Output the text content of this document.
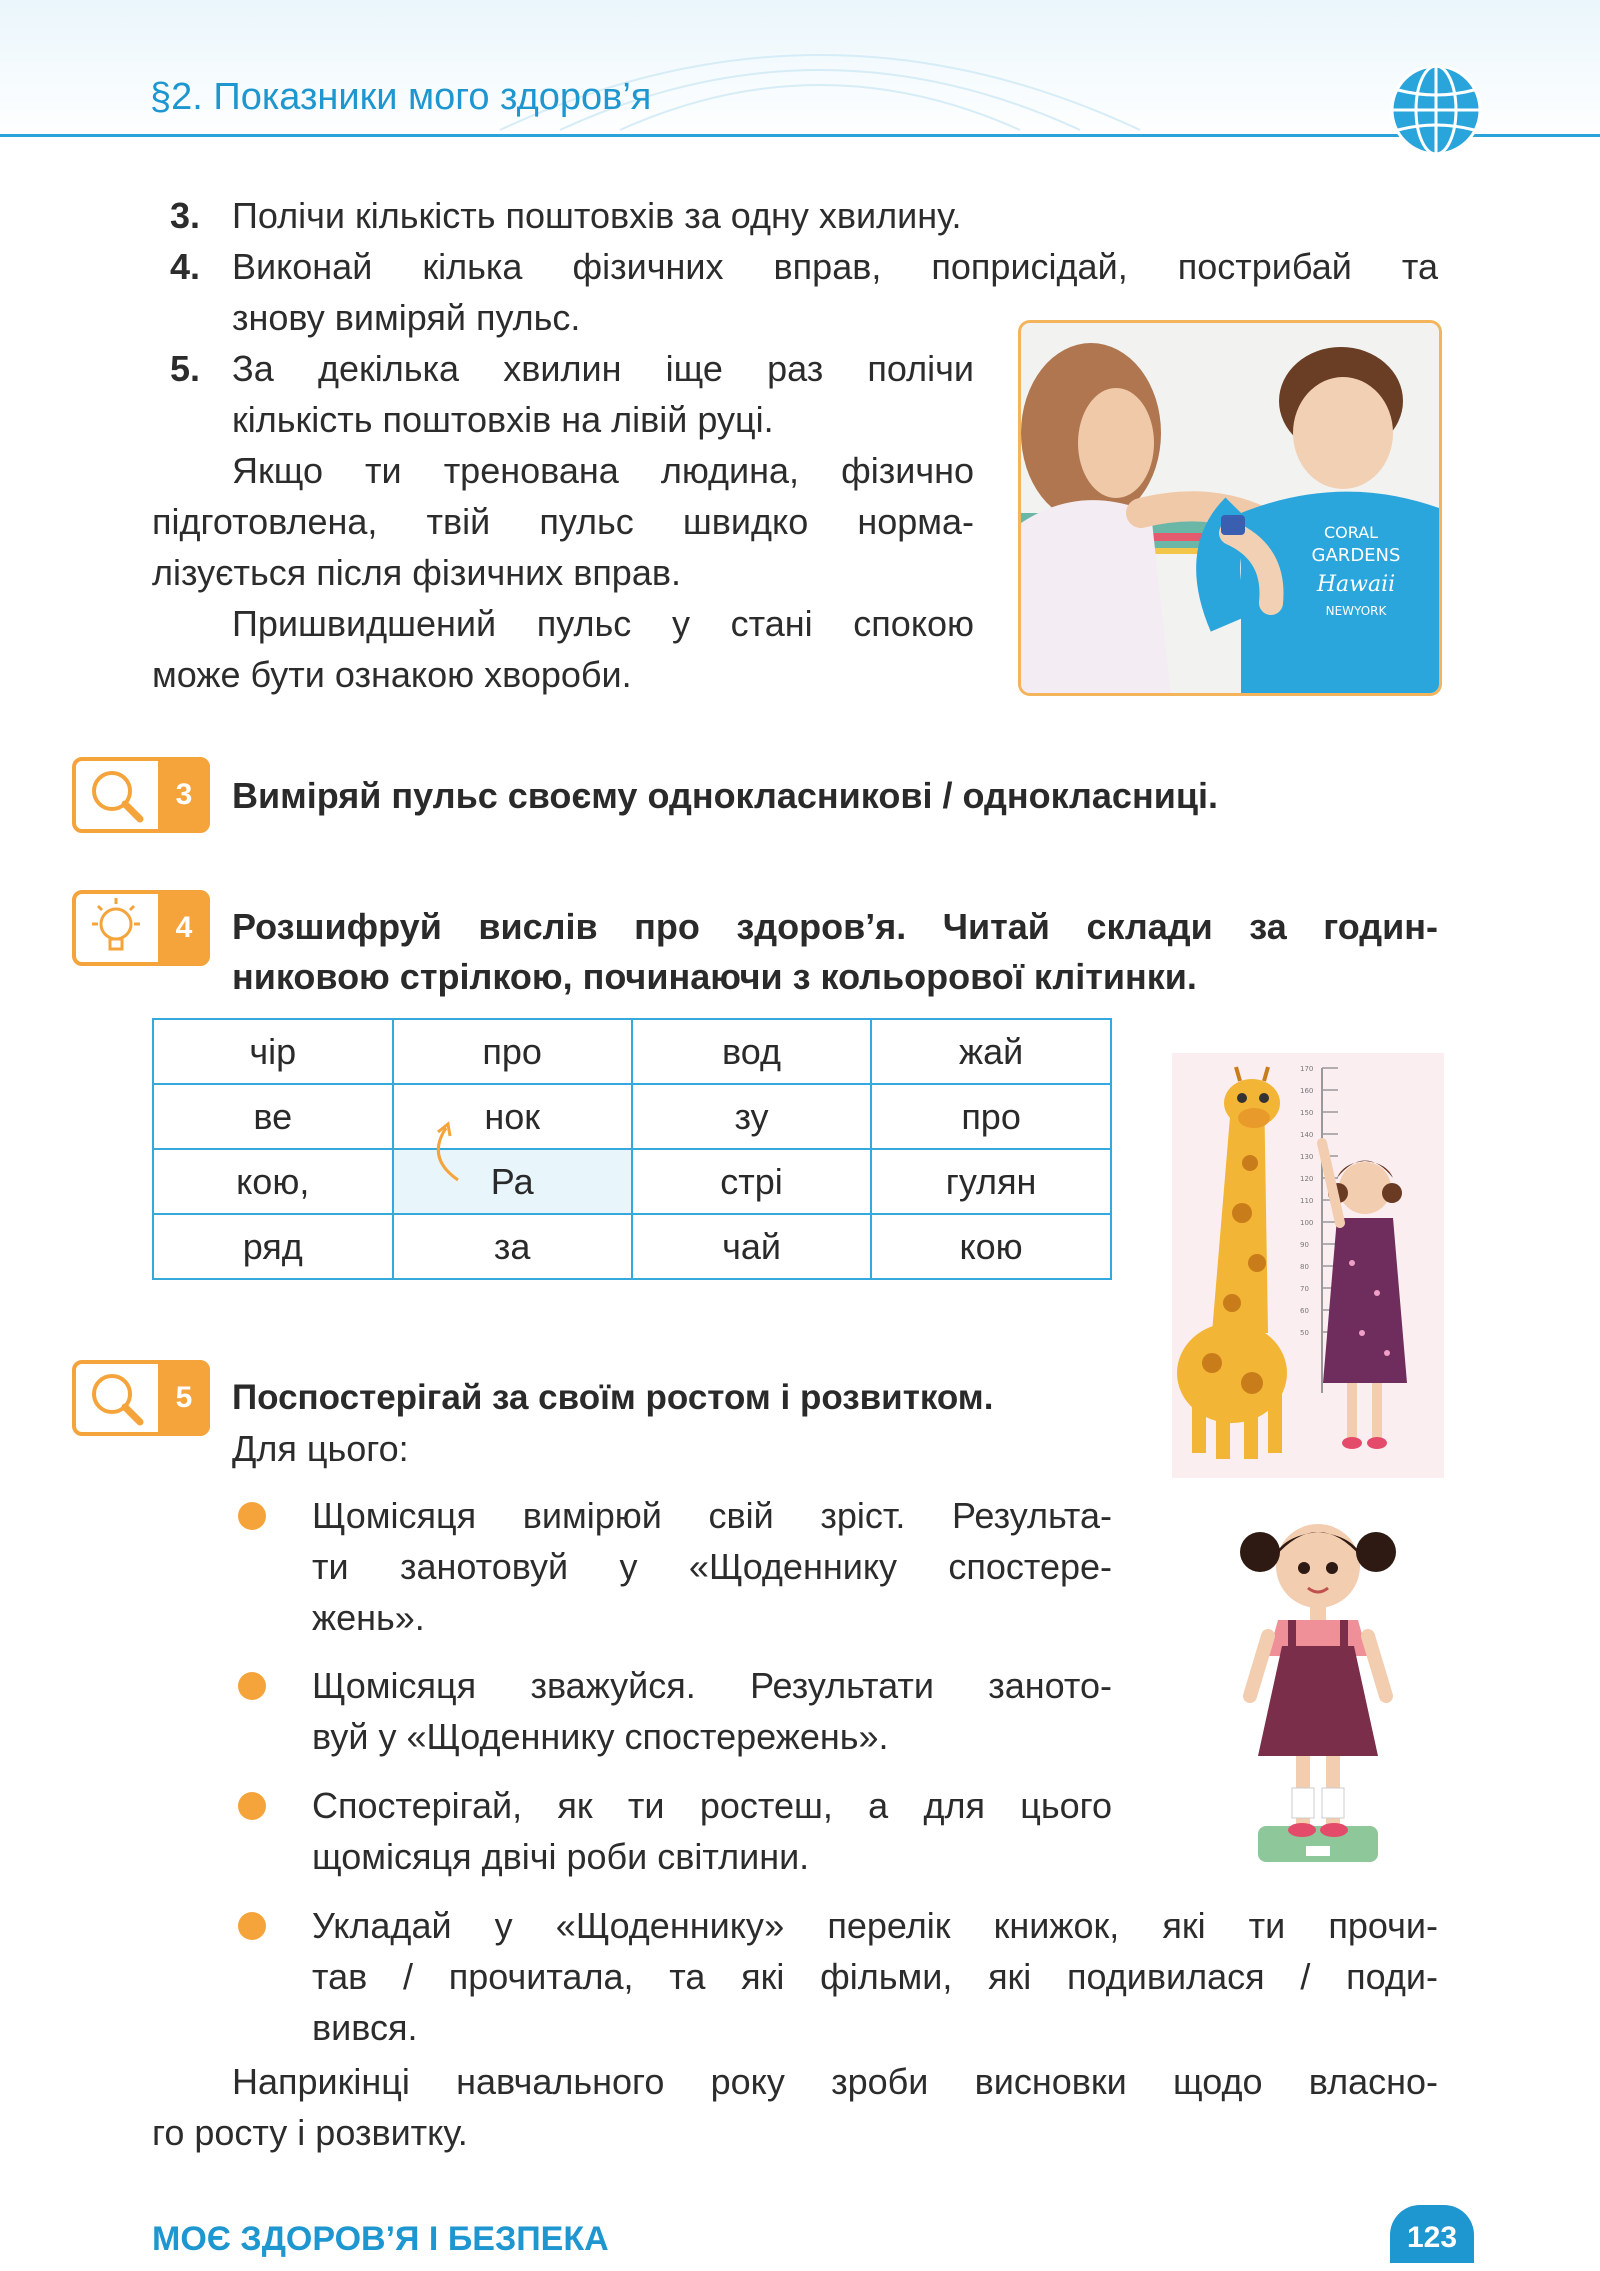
§2. Показники мого здоров’я
3. Полічи кількість поштовхів за одну хвилину.
4. Виконай кілька фізичних вправ, поприсідай, пострибай та
знову виміряй пульс.
5. За декілька хвилин іще раз полічи
кількість поштовхів на лівій руці.
Якщо ти тренована людина, фізично
підготовлена, твій пульс швидко норма-
лізується після фізичних вправ.
Пришвидшений пульс у стані спокою
може бути ознакою хвороби.
CORAL
GARDENS
Hawaii
NEWYORK
3	Виміряй пульс своєму однокласникові / однокласниці.
4	Розшифруй вислів про здоров’я. Читай склади за годин-
никовою стрілкою, починаючи з кольорової клітинки.
чір	про	вод	жай
ве	нок	зу	про
кою,	Ра	стрі	гулян
ряд	за	чай	кою
170
160
150
140
130
120
110
100
90
80
70
60
50
5	Поспостерігай за своїм ростом і розвитком.
Для цього:
Щомісяця вимірюй свій зріст. Результа-
ти занотовуй у «Щоденнику спостере-
жень».
Щомісяця зважуйся. Результати заното-
вуй у «Щоденнику спостережень».
Спостерігай, як ти ростеш, а для цього
щомісяця двічі роби світлини.
Укладай у «Щоденнику» перелік книжок, які ти прочи-
тав / прочитала, та які фільми, які подивилася / поди-
вився.
Наприкінці навчального року зроби висновки щодо власно-
го росту і розвитку.
МОЄ ЗДОРОВ’Я І БЕЗПЕКА	123
